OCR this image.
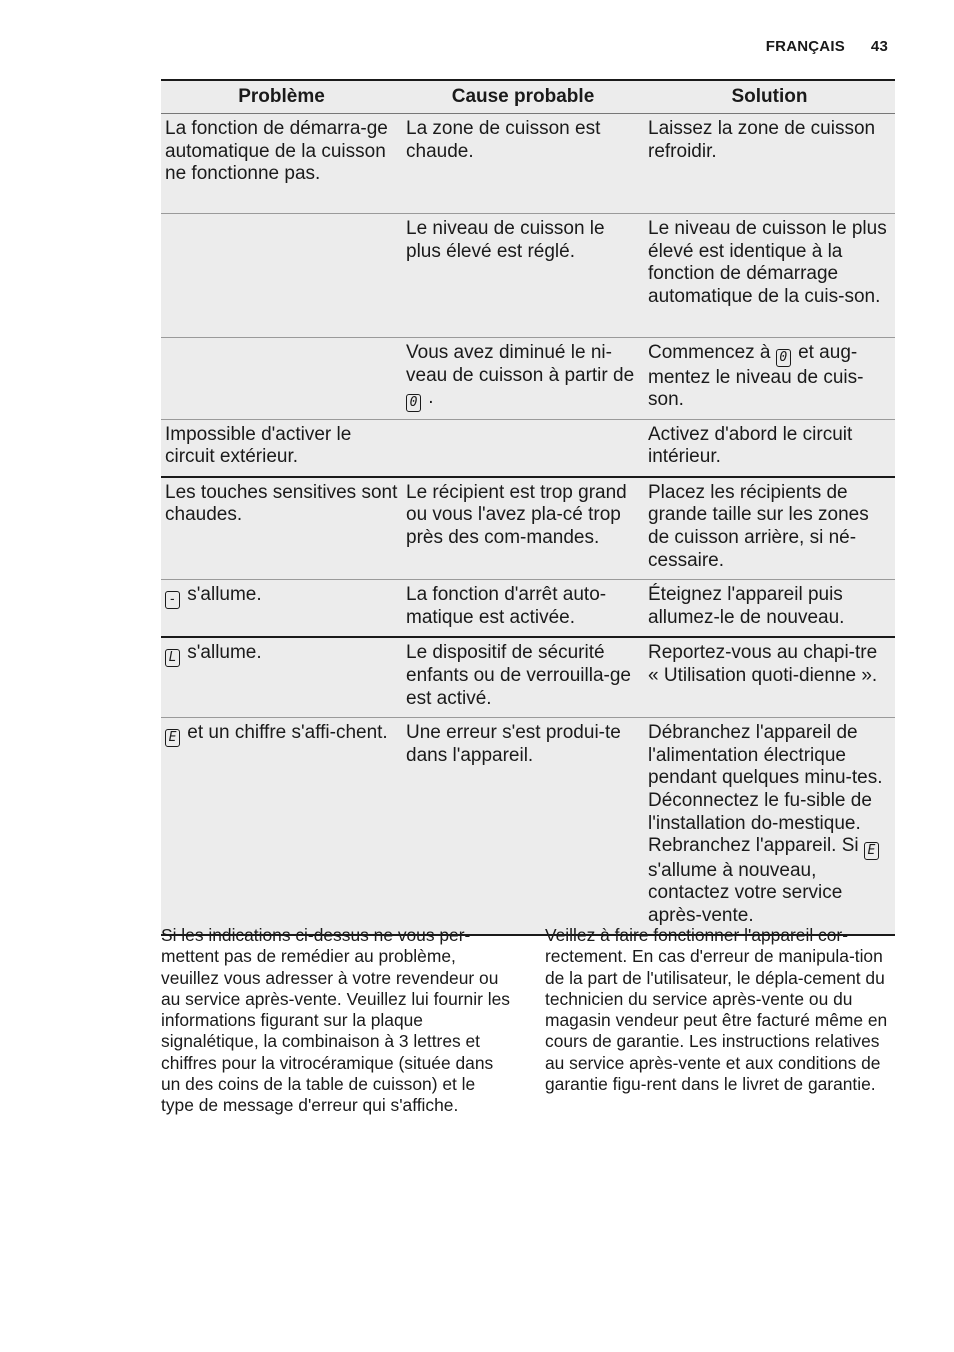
FRANÇAIS 43
Problème	Cause probable	Solution
La fonction de démarra-ge automatique de la cuisson ne fonctionne pas.	La zone de cuisson est chaude.	Laissez la zone de cuisson refroidir.
	Le niveau de cuisson le plus élevé est réglé.	Le niveau de cuisson le plus élevé est identique à la fonction de démarrage automatique de la cuis-son.
	Vous avez diminué le ni-veau de cuisson à partir de 0 .	Commencez à 0 et aug-mentez le niveau de cuis-son.
Impossible d'activer le circuit extérieur.		Activez d'abord le circuit intérieur.
Les touches sensitives sont chaudes.	Le récipient est trop grand ou vous l'avez pla-cé trop près des com-mandes.	Placez les récipients de grande taille sur les zones de cuisson arrière, si né-cessaire.
- s'allume.	La fonction d'arrêt auto-matique est activée.	Éteignez l'appareil puis allumez-le de nouveau.
L s'allume.	Le dispositif de sécurité enfants ou de verrouilla-ge est activé.	Reportez-vous au chapi-tre « Utilisation quoti-dienne ».
E et un chiffre s'affi-chent.	Une erreur s'est produi-te dans l'appareil.	Débranchez l'appareil de l'alimentation électrique pendant quelques minu-tes. Déconnectez le fu-sible de l'installation do-mestique. Rebranchez l'appareil. Si E s'allume à nouveau, contactez votre service après-vente.

Si les indications ci-dessus ne vous per-mettent pas de remédier au problème, veuillez vous adresser à votre revendeur ou au service après-vente. Veuillez lui fournir les informations figurant sur la plaque signalétique, la combinaison à 3 lettres et chiffres pour la vitrocéramique (située dans un des coins de la table de cuisson) et le type de message d'erreur qui s'affiche.

Veillez à faire fonctionner l'appareil cor-rectement. En cas d'erreur de manipula-tion de la part de l'utilisateur, le dépla-cement du technicien du service après-vente ou du magasin vendeur peut être facturé même en cours de garantie. Les instructions relatives au service après-vente et aux conditions de garantie figu-rent dans le livret de garantie.
